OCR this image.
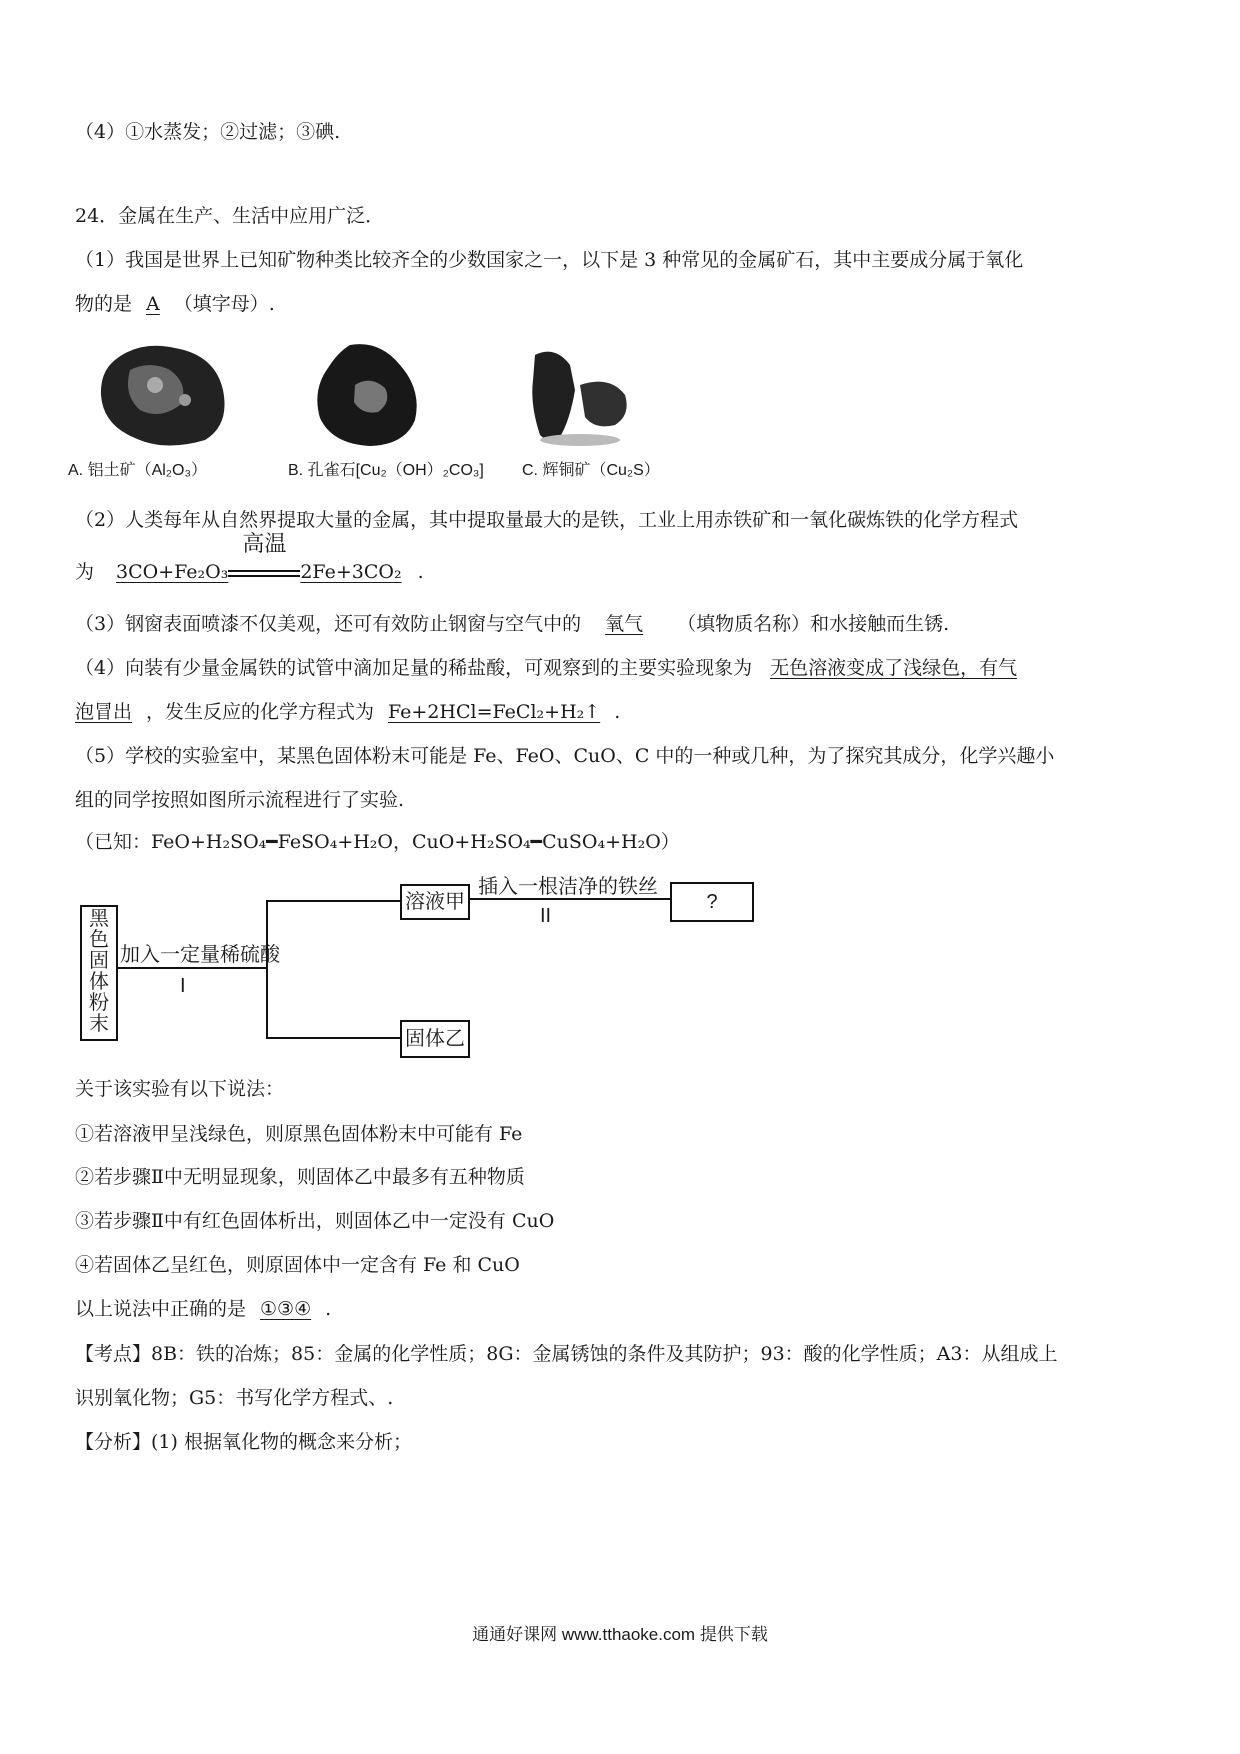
（4）①水蒸发；②过滤；③碘.
24．金属在生产、生活中应用广泛．
（1）我国是世界上已知矿物种类比较齐全的少数国家之一，以下是 3 种常见的金属矿石，其中主要成分属于氧化
物的是 A （填字母）.
A. 铝土矿（Al₂O₃）	B. 孔雀石[Cu₂（OH）₂CO₃] C. 辉铜矿（Cu₂S）
（2）人类每年从自然界提取大量的金属，其中提取量最大的是铁，工业上用赤铁矿和一氧化碳炼铁的化学方程式
为 3CO+Fe₂O₃
高温
2Fe+3CO₂ .
（3）钢窗表面喷漆不仅美观，还可有效防止钢窗与空气中的 氧气 （填物质名称）和水接触而生锈.
（4）向装有少量金属铁的试管中滴加足量的稀盐酸，可观察到的主要实验现象为 无色溶液变成了浅绿色，有气
泡冒出 ，发生反应的化学方程式为 Fe+2HCl=FeCl₂+H₂↑ .
（5）学校的实验室中，某黑色固体粉末可能是 Fe、FeO、CuO、C 中的一种或几种，为了探究其成分，化学兴趣小
组的同学按照如图所示流程进行了实验.
（已知：FeO+H₂SO₄━FeSO₄+H₂O，CuO+H₂SO₄━CuSO₄+H₂O）
黑色固体粉末
加入一定量稀硫酸
I
溶液甲
插入一根洁净的铁丝
II
?
固体乙
关于该实验有以下说法：
①若溶液甲呈浅绿色，则原黑色固体粉末中可能有 Fe
②若步骤Ⅱ中无明显现象，则固体乙中最多有五种物质
③若步骤Ⅱ中有红色固体析出，则固体乙中一定没有 CuO
④若固体乙呈红色，则原固体中一定含有 Fe 和 CuO
以上说法中正确的是 ①③④ .
【考点】8B：铁的冶炼；85：金属的化学性质；8G：金属锈蚀的条件及其防护；93：酸的化学性质；A3：从组成上
识别氧化物；G5：书写化学方程式、.
【分析】(1) 根据氧化物的概念来分析；
通通好课网 www.tthaoke.com 提供下载
